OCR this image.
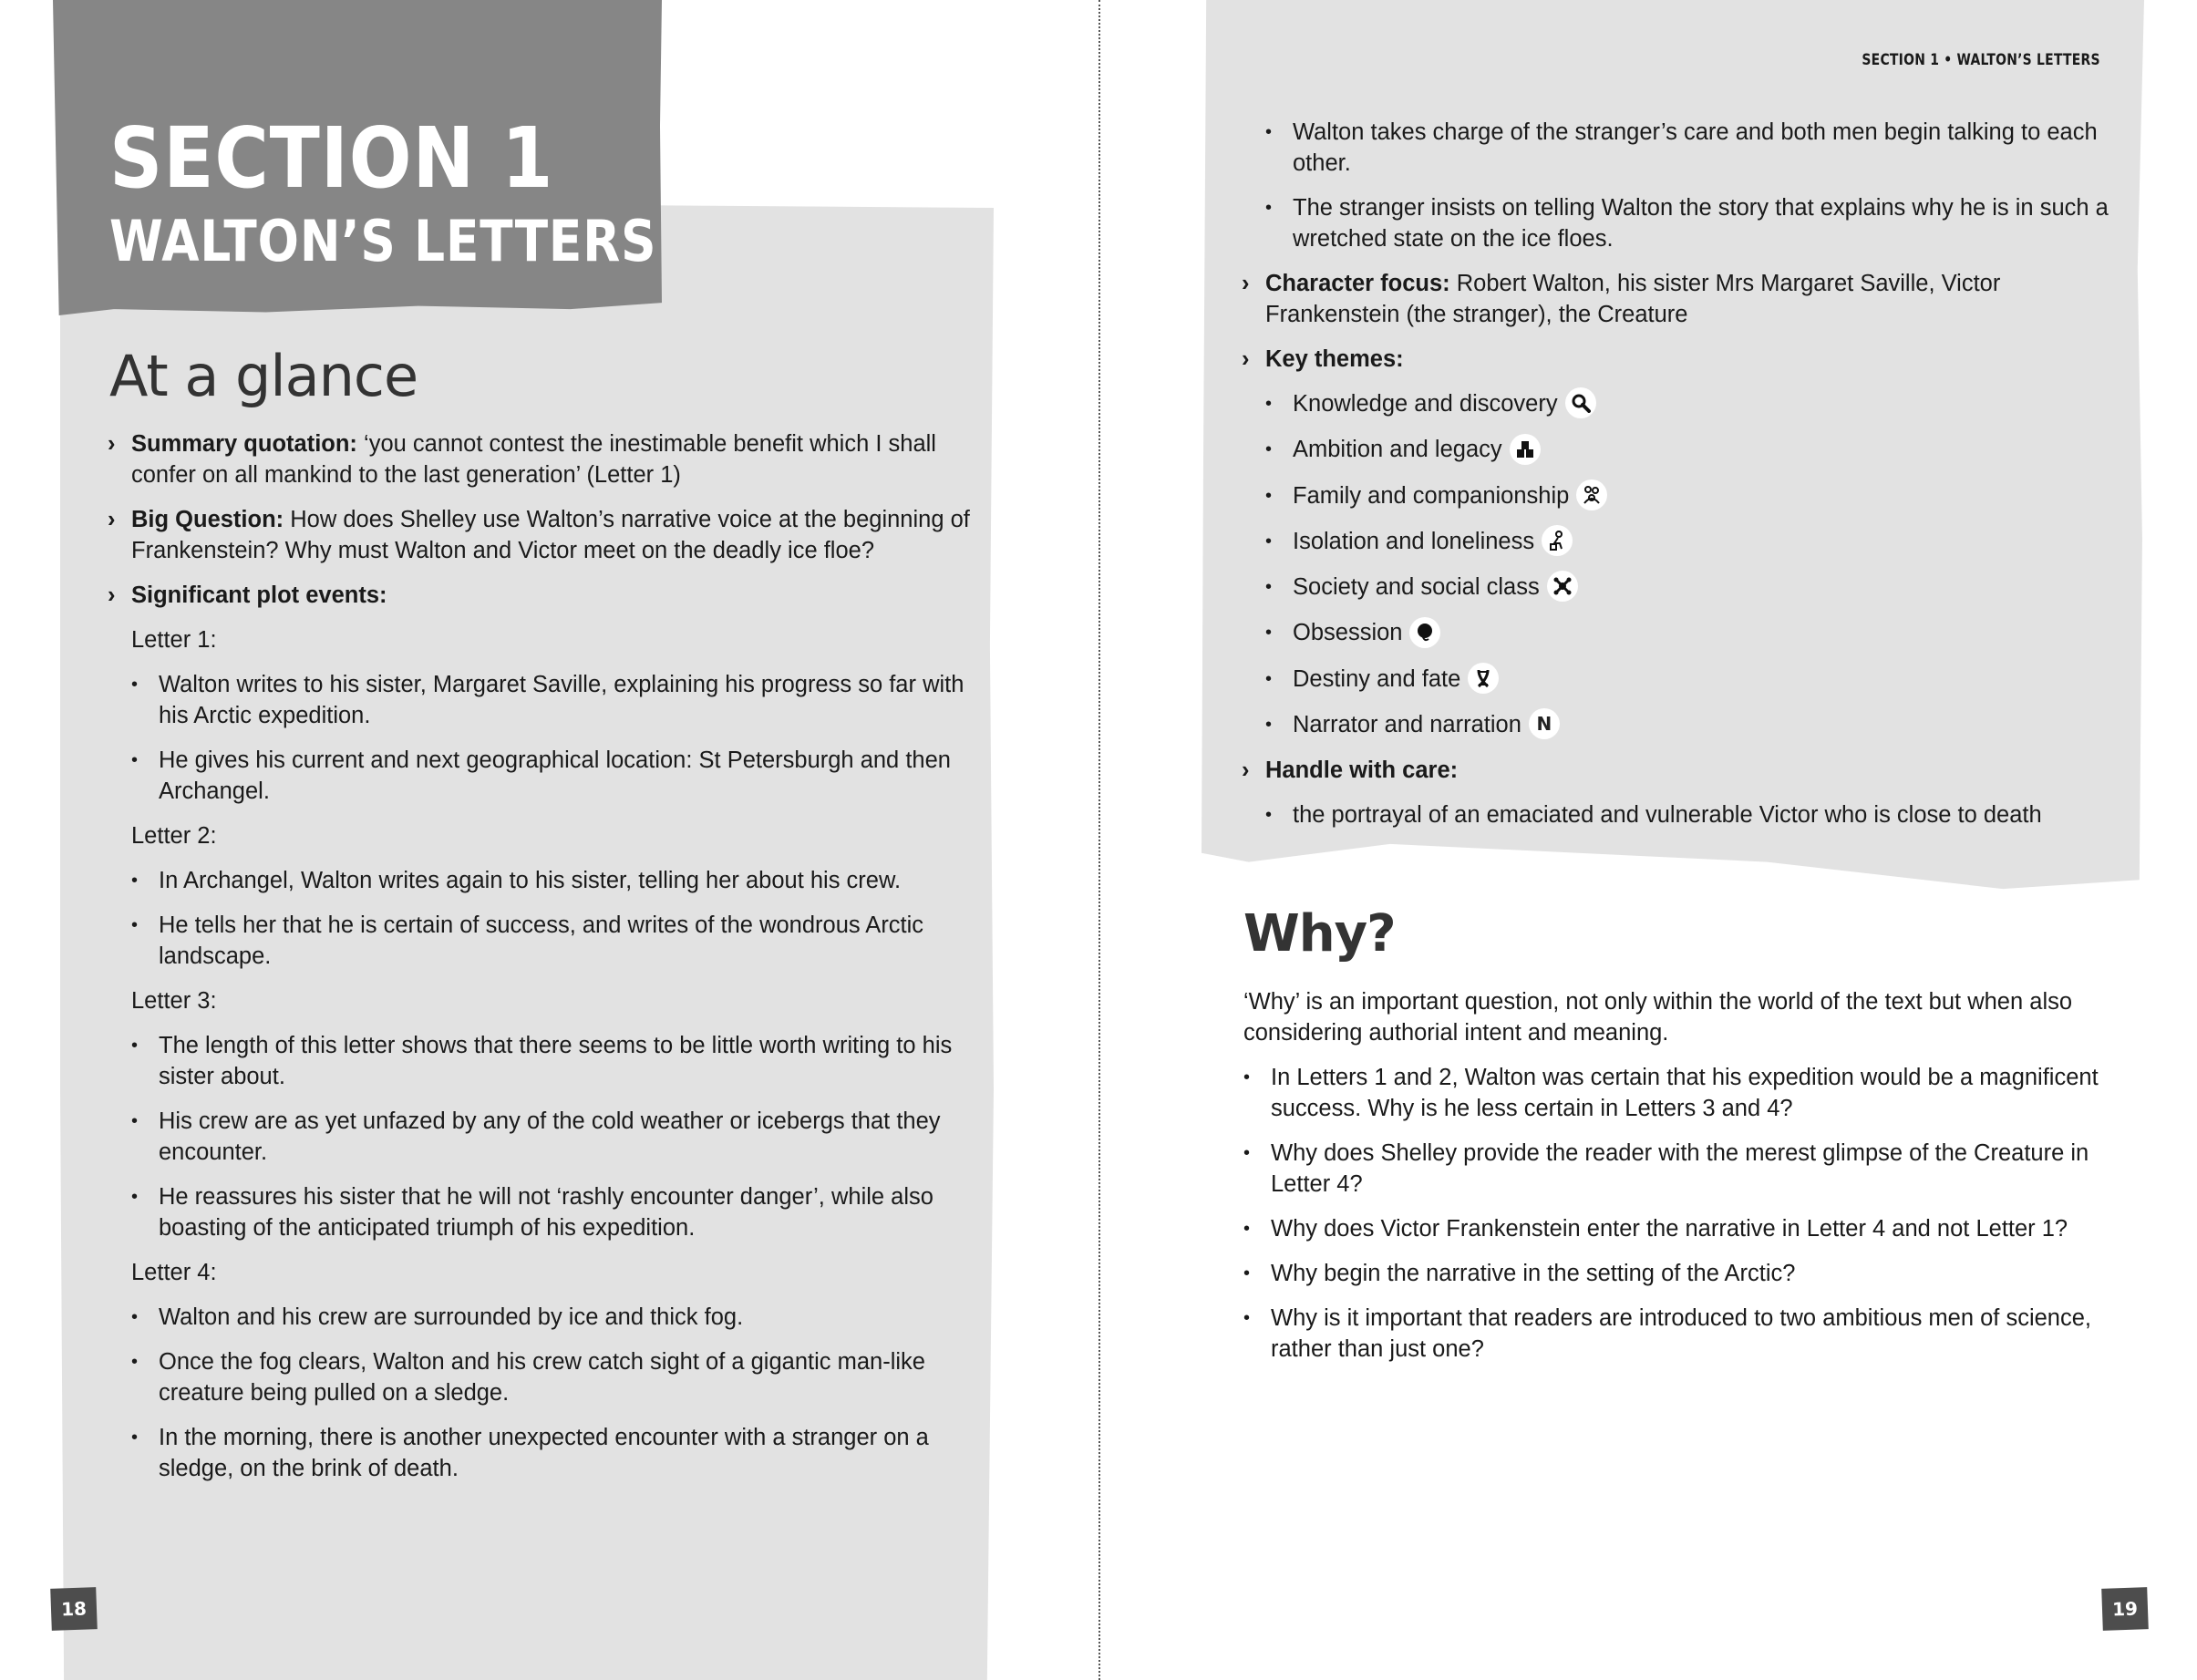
SECTION 1
WALTON’S LETTERS
At a glance
› Summary quotation: ‘you cannot contest the inestimable benefit which I shall confer on all mankind to the last generation’ (Letter 1)
› Big Question: How does Shelley use Walton’s narrative voice at the beginning of Frankenstein? Why must Walton and Victor meet on the deadly ice floe?
› Significant plot events:
Letter 1:
• Walton writes to his sister, Margaret Saville, explaining his progress so far with his Arctic expedition.
• He gives his current and next geographical location: St Petersburgh and then Archangel.
Letter 2:
• In Archangel, Walton writes again to his sister, telling her about his crew.
• He tells her that he is certain of success, and writes of the wondrous Arctic landscape.
Letter 3:
• The length of this letter shows that there seems to be little worth writing to his sister about.
• His crew are as yet unfazed by any of the cold weather or icebergs that they encounter.
• He reassures his sister that he will not ‘rashly encounter danger’, while also boasting of the anticipated triumph of his expedition.
Letter 4:
• Walton and his crew are surrounded by ice and thick fog.
• Once the fog clears, Walton and his crew catch sight of a gigantic man-like creature being pulled on a sledge.
• In the morning, there is another unexpected encounter with a stranger on a sledge, on the brink of death.
18
SECTION 1 • WALTON’S LETTERS
• Walton takes charge of the stranger’s care and both men begin talking to each other.
• The stranger insists on telling Walton the story that explains why he is in such a wretched state on the ice floes.
› Character focus: Robert Walton, his sister Mrs Margaret Saville, Victor Frankenstein (the stranger), the Creature
› Key themes:
• Knowledge and discovery
• Ambition and legacy
• Family and companionship
• Isolation and loneliness
• Society and social class
• Obsession
• Destiny and fate
• Narrator and narration N
› Handle with care:
• the portrayal of an emaciated and vulnerable Victor who is close to death
Why?
‘Why’ is an important question, not only within the world of the text but when also considering authorial intent and meaning.
• In Letters 1 and 2, Walton was certain that his expedition would be a magnificent success. Why is he less certain in Letters 3 and 4?
• Why does Shelley provide the reader with the merest glimpse of the Creature in Letter 4?
• Why does Victor Frankenstein enter the narrative in Letter 4 and not Letter 1?
• Why begin the narrative in the setting of the Arctic?
• Why is it important that readers are introduced to two ambitious men of science, rather than just one?
19
